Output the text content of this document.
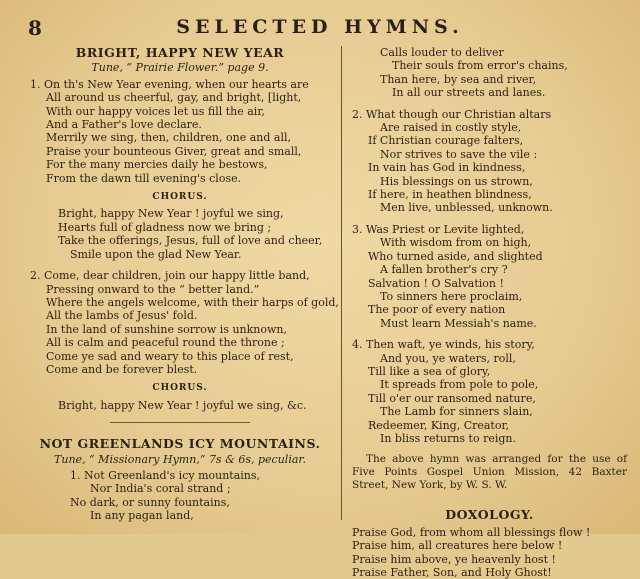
8	SELECTED HYMNS.

BRIGHT, HAPPY NEW YEAR

Tune, “ Prairie Flower.” page 9.

1. On th's New Year evening, when our hearts are
All around us cheerful, gay, and bright, [light,
With our happy voices let us fill the air,
And a Father's love declare.
Merrily we sing, then, children, one and all,
Praise your bounteous Giver, great and small,
For the many mercies daily he bestows,
From the dawn till evening's close.

CHORUS.

Bright, happy New Year ! joyful we sing,
Hearts full of gladness now we bring ;
Take the offerings, Jesus, full of love and cheer,
Smile upon the glad New Year.
2. Come, dear children, join our happy little band,
Pressing onward to the “ better land.”
Where the angels welcome, with their harps of gold,
All the lambs of Jesus' fold.
In the land of sunshine sorrow is unknown,
All is calm and peaceful round the throne ;
Come ye sad and weary to this place of rest,
Come and be forever blest.

CHORUS.

Bright, happy New Year ! joyful we sing, &c.

NOT GREENLANDS ICY MOUNTAINS.

Tune, “ Missionary Hymn,” 7s & 6s, peculiar.

1. Not Greenland's icy mountains,
Nor India's coral strand ;
No dark, or sunny fountains,
In any pagan land,
Calls louder to deliver
Their souls from error's chains,
Than here, by sea and river,
In all our streets and lanes.
2. What though our Christian altars
Are raised in costly style,
If Christian courage falters,
Nor strives to save the vile :
In vain has God in kindness,
His blessings on us strown,
If here, in heathen blindness,
Men live, unblessed, unknown.
3. Was Priest or Levite lighted,
With wisdom from on high,
Who turned aside, and slighted
A fallen brother's cry ?
Salvation ! O Salvation !
To sinners here proclaim,
The poor of every nation
Must learn Messiah's name.
4. Then waft, ye winds, his story,
And you, ye waters, roll,
Till like a sea of glory,
It spreads from pole to pole,
Till o'er our ransomed nature,
The Lamb for sinners slain,
Redeemer, King, Creator,
In bliss returns to reign.

The above hymn was arranged for the use of Five Points Gospel Union Mission, 42 Baxter Street, New York, by W. S. W.

DOXOLOGY.

Praise God, from whom all blessings flow !
Praise him, all creatures here below !
Praise him above, ye heavenly host !
Praise Father, Son, and Holy Ghost!
